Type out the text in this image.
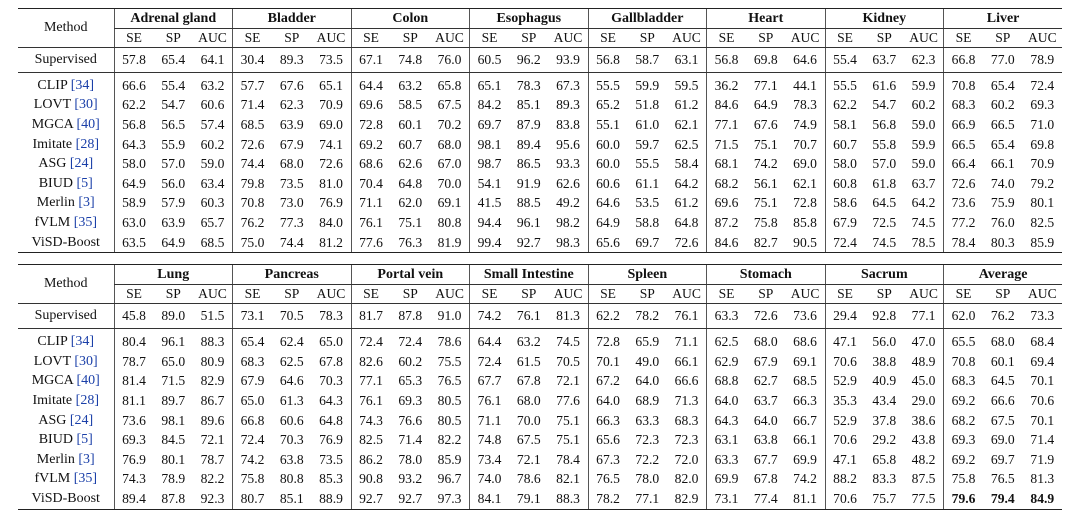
Method	Adrenal gland			Bladder			Colon			Esophagus			Gallbladder			Heart			Kidney			Liver		
	SE	SP	AUC	SE	SP	AUC	SE	SP	AUC	SE	SP	AUC	SE	SP	AUC	SE	SP	AUC	SE	SP	AUC	SE	SP	AUC
Supervised	57.8	65.4	64.1	30.4	89.3	73.5	67.1	74.8	76.0	60.5	96.2	93.9	56.8	58.7	63.1	56.8	69.8	64.6	55.4	63.7	62.3	66.8	77.0	78.9
CLIP [34]	66.6	55.4	63.2	57.7	67.6	65.1	64.4	63.2	65.8	65.1	78.3	67.3	55.5	59.9	59.5	36.2	77.1	44.1	55.5	61.6	59.9	70.8	65.4	72.4
LOVT [30]	62.2	54.7	60.6	71.4	62.3	70.9	69.6	58.5	67.5	84.2	85.1	89.3	65.2	51.8	61.2	84.6	64.9	78.3	62.2	54.7	60.2	68.3	60.2	69.3
MGCA [40]	56.8	56.5	57.4	68.5	63.9	69.0	72.8	60.1	70.2	69.7	87.9	83.8	55.1	61.0	62.1	77.1	67.6	74.9	58.1	56.8	59.0	66.9	66.5	71.0
Imitate [28]	64.3	55.9	60.2	72.6	67.9	74.1	69.2	60.7	68.0	98.1	89.4	95.6	60.0	59.7	62.5	71.5	75.1	70.7	60.7	55.8	59.9	66.5	65.4	69.8
ASG [24]	58.0	57.0	59.0	74.4	68.0	72.6	68.6	62.6	67.0	98.7	86.5	93.3	60.0	55.5	58.4	68.1	74.2	69.0	58.0	57.0	59.0	66.4	66.1	70.9
BIUD [5]	64.9	56.0	63.4	79.8	73.5	81.0	70.4	64.8	70.0	54.1	91.9	62.6	60.6	61.1	64.2	68.2	56.1	62.1	60.8	61.8	63.7	72.6	74.0	79.2
Merlin [3]	58.9	57.9	60.3	70.8	73.0	76.9	71.1	62.0	69.1	41.5	88.5	49.2	64.6	53.5	61.2	69.6	75.1	72.8	58.6	64.5	64.2	73.6	75.9	80.1
fVLM [35]	63.0	63.9	65.7	76.2	77.3	84.0	76.1	75.1	80.8	94.4	96.1	98.2	64.9	58.8	64.8	87.2	75.8	85.8	67.9	72.5	74.5	77.2	76.0	82.5
ViSD-Boost	63.5	64.9	68.5	75.0	74.4	81.2	77.6	76.3	81.9	99.4	92.7	98.3	65.6	69.7	72.6	84.6	82.7	90.5	72.4	74.5	78.5	78.4	80.3	85.9
Method	Lung			Pancreas			Portal vein			Small Intestine			Spleen			Stomach			Sacrum			Average		
	SE	SP	AUC	SE	SP	AUC	SE	SP	AUC	SE	SP	AUC	SE	SP	AUC	SE	SP	AUC	SE	SP	AUC	SE	SP	AUC
Supervised	45.8	89.0	51.5	73.1	70.5	78.3	81.7	87.8	91.0	74.2	76.1	81.3	62.2	78.2	76.1	63.3	72.6	73.6	29.4	92.8	77.1	62.0	76.2	73.3
CLIP [34]	80.4	96.1	88.3	65.4	62.4	65.0	72.4	72.4	78.6	64.4	63.2	74.5	72.8	65.9	71.1	62.5	68.0	68.6	47.1	56.0	47.0	65.5	68.0	68.4
LOVT [30]	78.7	65.0	80.9	68.3	62.5	67.8	82.6	60.2	75.5	72.4	61.5	70.5	70.1	49.0	66.1	62.9	67.9	69.1	70.6	38.8	48.9	70.8	60.1	69.4
MGCA [40]	81.4	71.5	82.9	67.9	64.6	70.3	77.1	65.3	76.5	67.7	67.8	72.1	67.2	64.0	66.6	68.8	62.7	68.5	52.9	40.9	45.0	68.3	64.5	70.1
Imitate [28]	81.1	89.7	86.7	65.0	61.3	64.3	76.1	69.3	80.5	76.1	68.0	77.6	64.0	68.9	71.3	64.0	63.7	66.3	35.3	43.4	29.0	69.2	66.6	70.6
ASG [24]	73.6	98.1	89.6	66.8	60.6	64.8	74.3	76.6	80.5	71.1	70.0	75.1	66.3	63.3	68.3	64.3	64.0	66.7	52.9	37.8	38.6	68.2	67.5	70.1
BIUD [5]	69.3	84.5	72.1	72.4	70.3	76.9	82.5	71.4	82.2	74.8	67.5	75.1	65.6	72.3	72.3	63.1	63.8	66.1	70.6	29.2	43.8	69.3	69.0	71.4
Merlin [3]	76.9	80.1	78.7	74.2	63.8	73.5	86.2	78.0	85.9	73.4	72.1	78.4	67.3	72.2	72.0	63.3	67.7	69.9	47.1	65.8	48.2	69.2	69.7	71.9
fVLM [35]	74.3	78.9	82.2	75.8	80.8	85.3	90.8	93.2	96.7	74.0	78.6	82.1	76.5	78.0	82.0	69.9	67.8	74.2	88.2	83.3	87.5	75.8	76.5	81.3
ViSD-Boost	89.4	87.8	92.3	80.7	85.1	88.9	92.7	92.7	97.3	84.1	79.1	88.3	78.2	77.1	82.9	73.1	77.4	81.1	70.6	75.7	77.5	79.6	79.4	84.9
